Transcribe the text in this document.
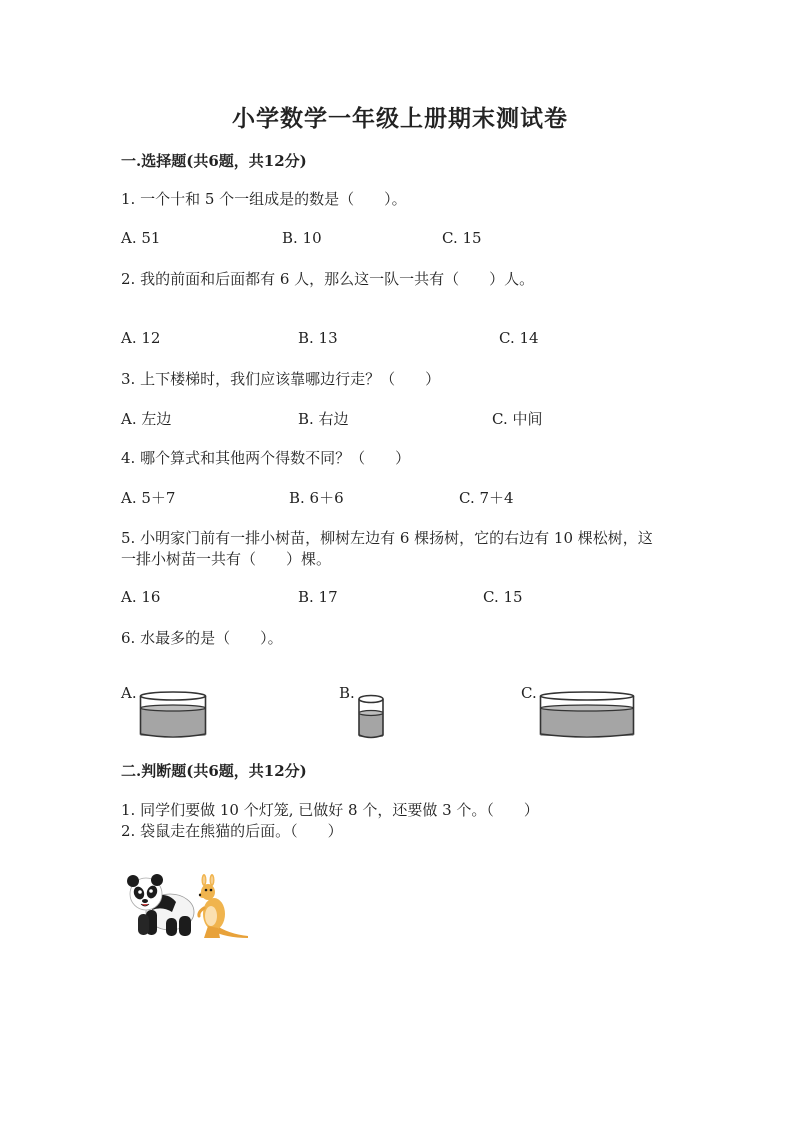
小学数学一年级上册期末测试卷
一.选择题(共6题，共12分)
1. 一个十和 5 个一组成是的数是（　　）。
A. 51	B. 10	C. 15
2. 我的前面和后面都有 6 人，那么这一队一共有（　　）人。
A. 12	B. 13	C. 14
3. 上下楼梯时，我们应该靠哪边行走？（　　）
A. 左边	B. 右边	C. 中间
4. 哪个算式和其他两个得数不同？（　　）
A. 5＋7	B. 6＋6	C. 7＋4
5. 小明家门前有一排小树苗，柳树左边有 6 棵扬树，它的右边有 10 棵松树，这
一排小树苗一共有（　　）棵。
A. 16	B. 17	C. 15
6. 水最多的是（　　）。
A.	B.	C.
二.判断题(共6题，共12分)
1. 同学们要做 10 个灯笼, 已做好 8 个，还要做 3 个。（　　）
2. 袋鼠走在熊猫的后面。（　　）
